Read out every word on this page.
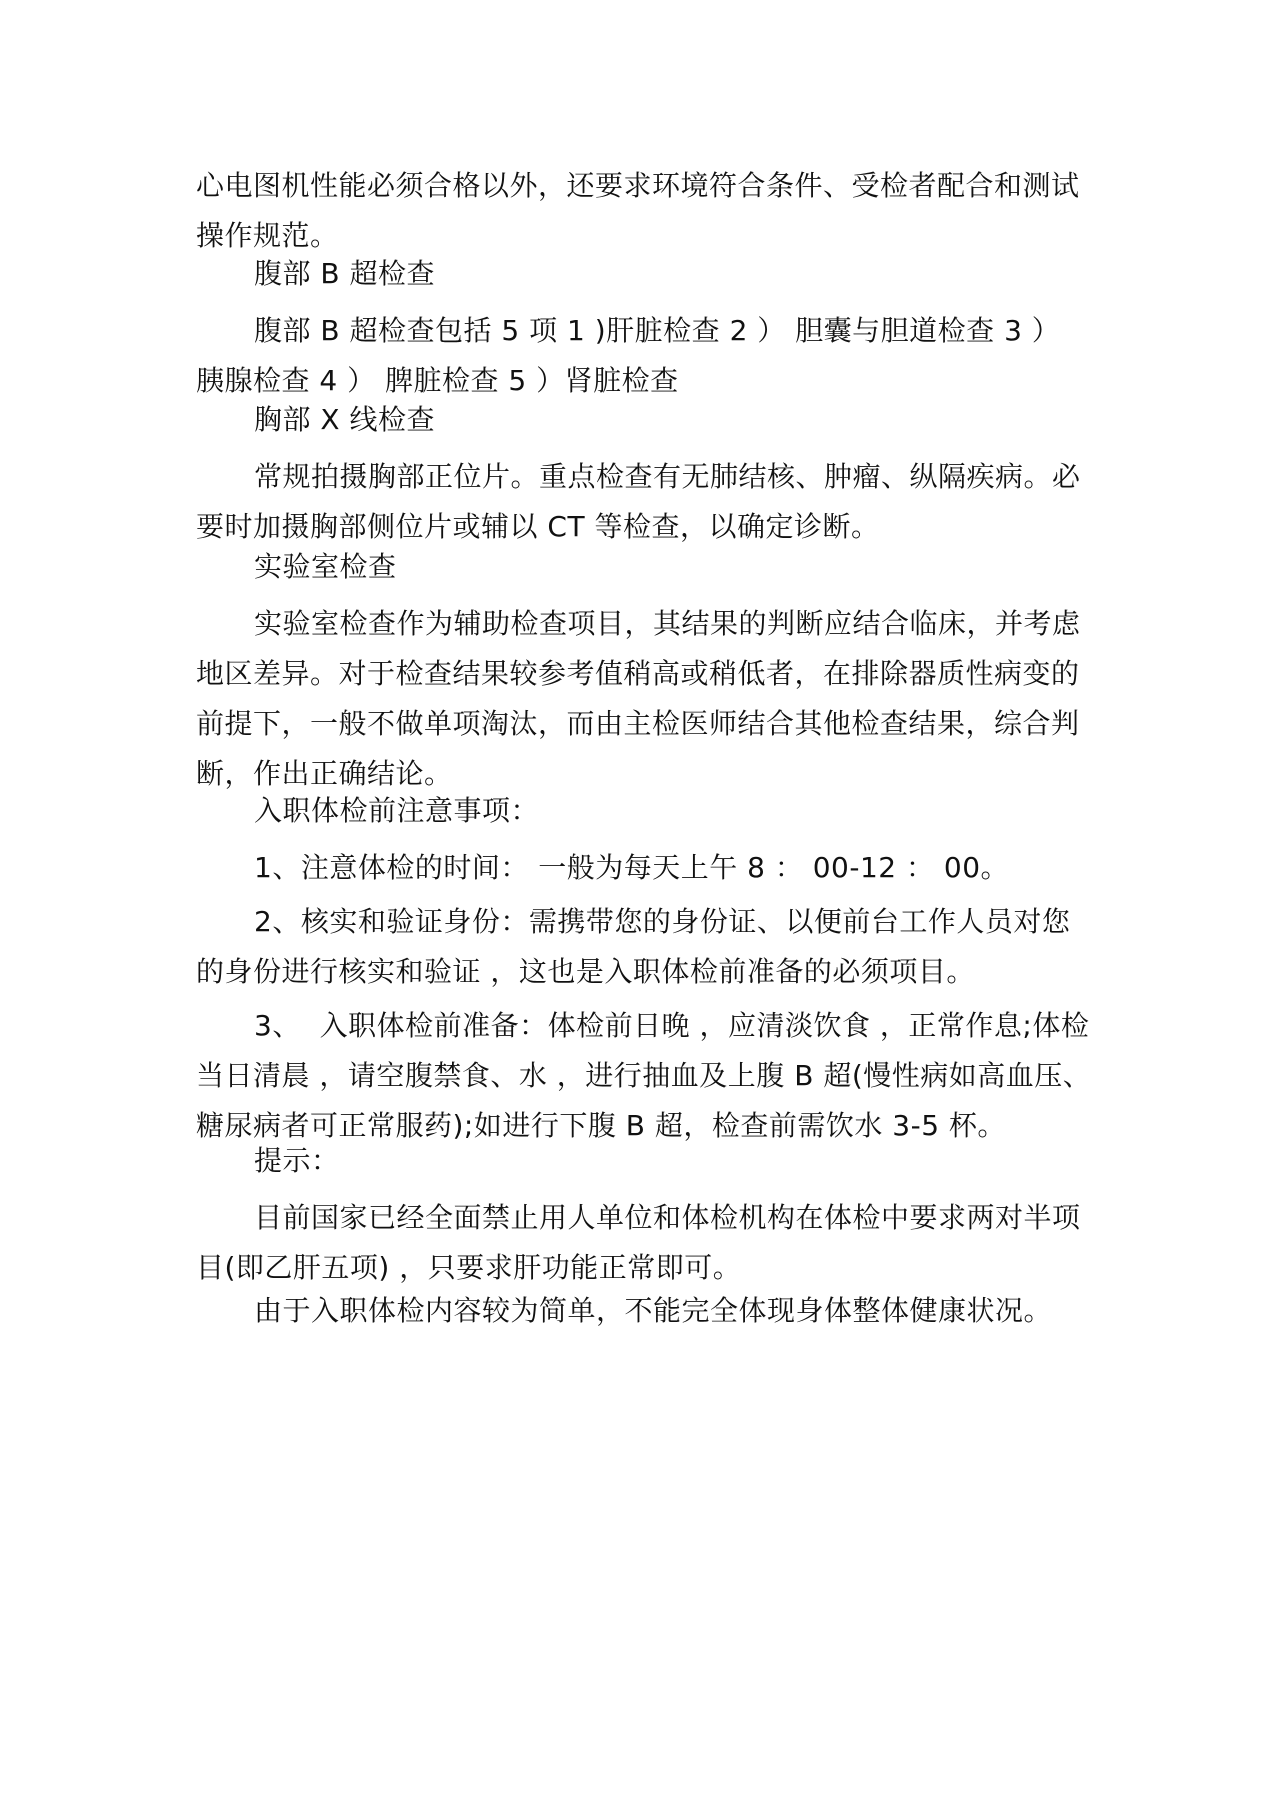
心电图机性能必须合格以外，还要求环境符合条件、受检者配合和测试操作规范。
腹部 B 超检查
腹部 B 超检查包括 5 项 1 )肝脏检查 2 ） 胆囊与胆道检查 3 ） 胰腺检查 4 ） 脾脏检查 5 ）肾脏检查
胸部 X 线检查
常规拍摄胸部正位片。重点检查有无肺结核、肿瘤、纵隔疾病。必要时加摄胸部侧位片或辅以 CT 等检查，以确定诊断。
实验室检查
实验室检查作为辅助检查项目，其结果的判断应结合临床，并考虑地区差异。对于检查结果较参考值稍高或稍低者，在排除器质性病变的前提下，一般不做单项淘汰，而由主检医师结合其他检查结果，综合判断，作出正确结论。
入职体检前注意事项：
1、注意体检的时间： 一般为每天上午 8 ： 00-12 ： 00。
2、核实和验证身份：需携带您的身份证、以便前台工作人员对您的身份进行核实和验证 ，这也是入职体检前准备的必须项目。
3、  入职体检前准备：体检前日晚 ，应清淡饮食 ，正常作息;体检当日清晨 ，请空腹禁食、水 ，进行抽血及上腹 B 超(慢性病如高血压、糖尿病者可正常服药);如进行下腹 B 超，检查前需饮水 3-5 杯。
提示：
目前国家已经全面禁止用人单位和体检机构在体检中要求两对半项目(即乙肝五项) ，只要求肝功能正常即可。
由于入职体检内容较为简单，不能完全体现身体整体健康状况。
